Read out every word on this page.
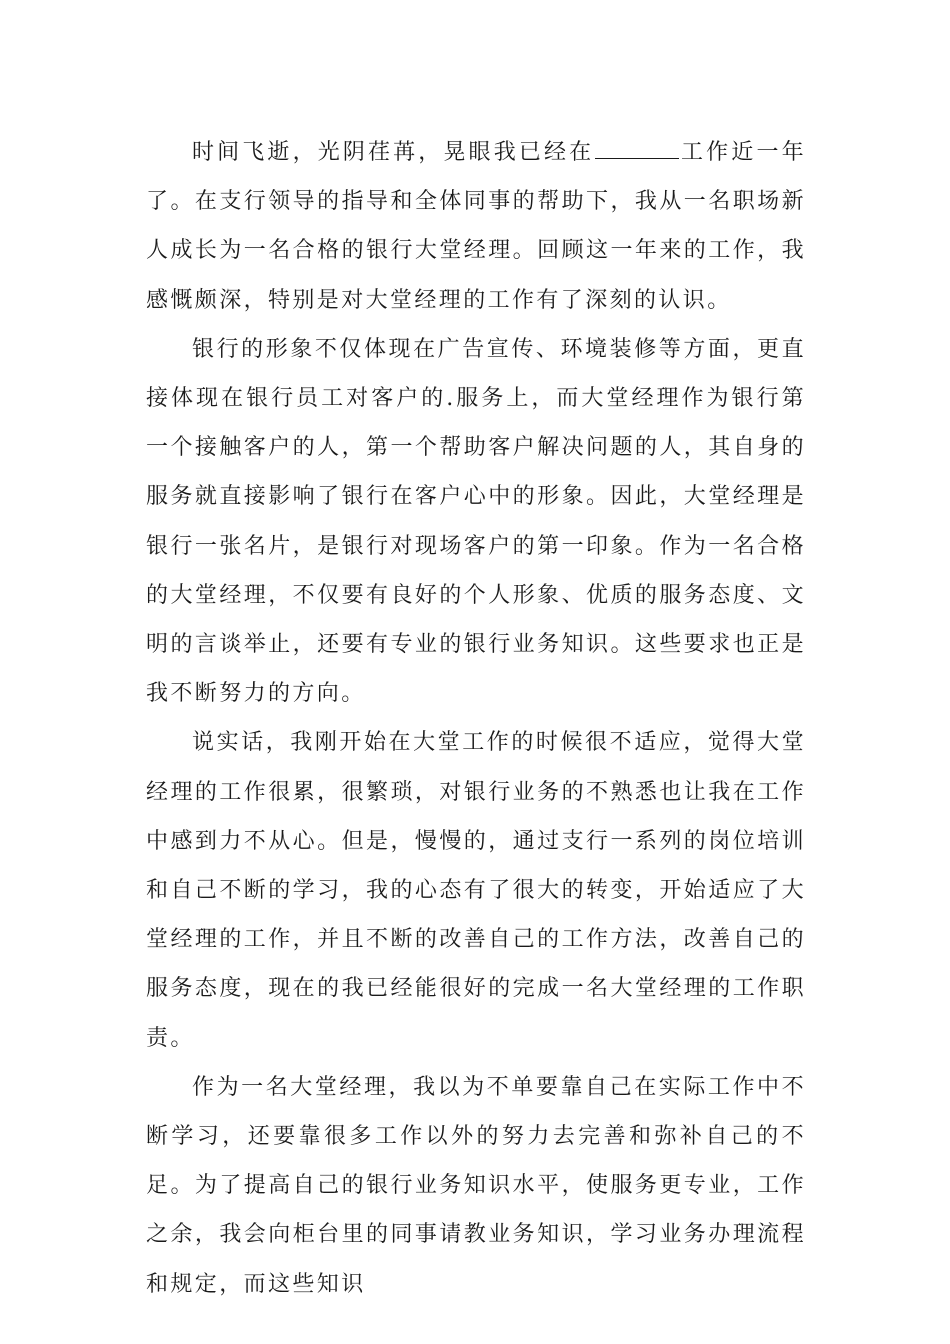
时间飞逝，光阴荏苒，晃眼我已经在	工作近一年了。在支行领导的指导和全体同事的帮助下，我从一名职场新人成长为一名合格的银行大堂经理。回顾这一年来的工作，我感慨颇深，特别是对大堂经理的工作有了深刻的认识。

银行的形象不仅体现在广告宣传、环境装修等方面，更直接体现在银行员工对客户的.服务上，而大堂经理作为银行第一个接触客户的人，第一个帮助客户解决问题的人，其自身的服务就直接影响了银行在客户心中的形象。因此，大堂经理是银行一张名片，是银行对现场客户的第一印象。作为一名合格的大堂经理，不仅要有良好的个人形象、优质的服务态度、文明的言谈举止，还要有专业的银行业务知识。这些要求也正是我不断努力的方向。

说实话，我刚开始在大堂工作的时候很不适应，觉得大堂经理的工作很累，很繁琐，对银行业务的不熟悉也让我在工作中感到力不从心。但是，慢慢的，通过支行一系列的岗位培训和自己不断的学习，我的心态有了很大的转变，开始适应了大堂经理的工作，并且不断的改善自己的工作方法，改善自己的服务态度，现在的我已经能很好的完成一名大堂经理的工作职责。

作为一名大堂经理，我以为不单要靠自己在实际工作中不断学习，还要靠很多工作以外的努力去完善和弥补自己的不足。为了提高自己的银行业务知识水平，使服务更专业，工作之余，我会向柜台里的同事请教业务知识，学习业务办理流程和规定，而这些知识
